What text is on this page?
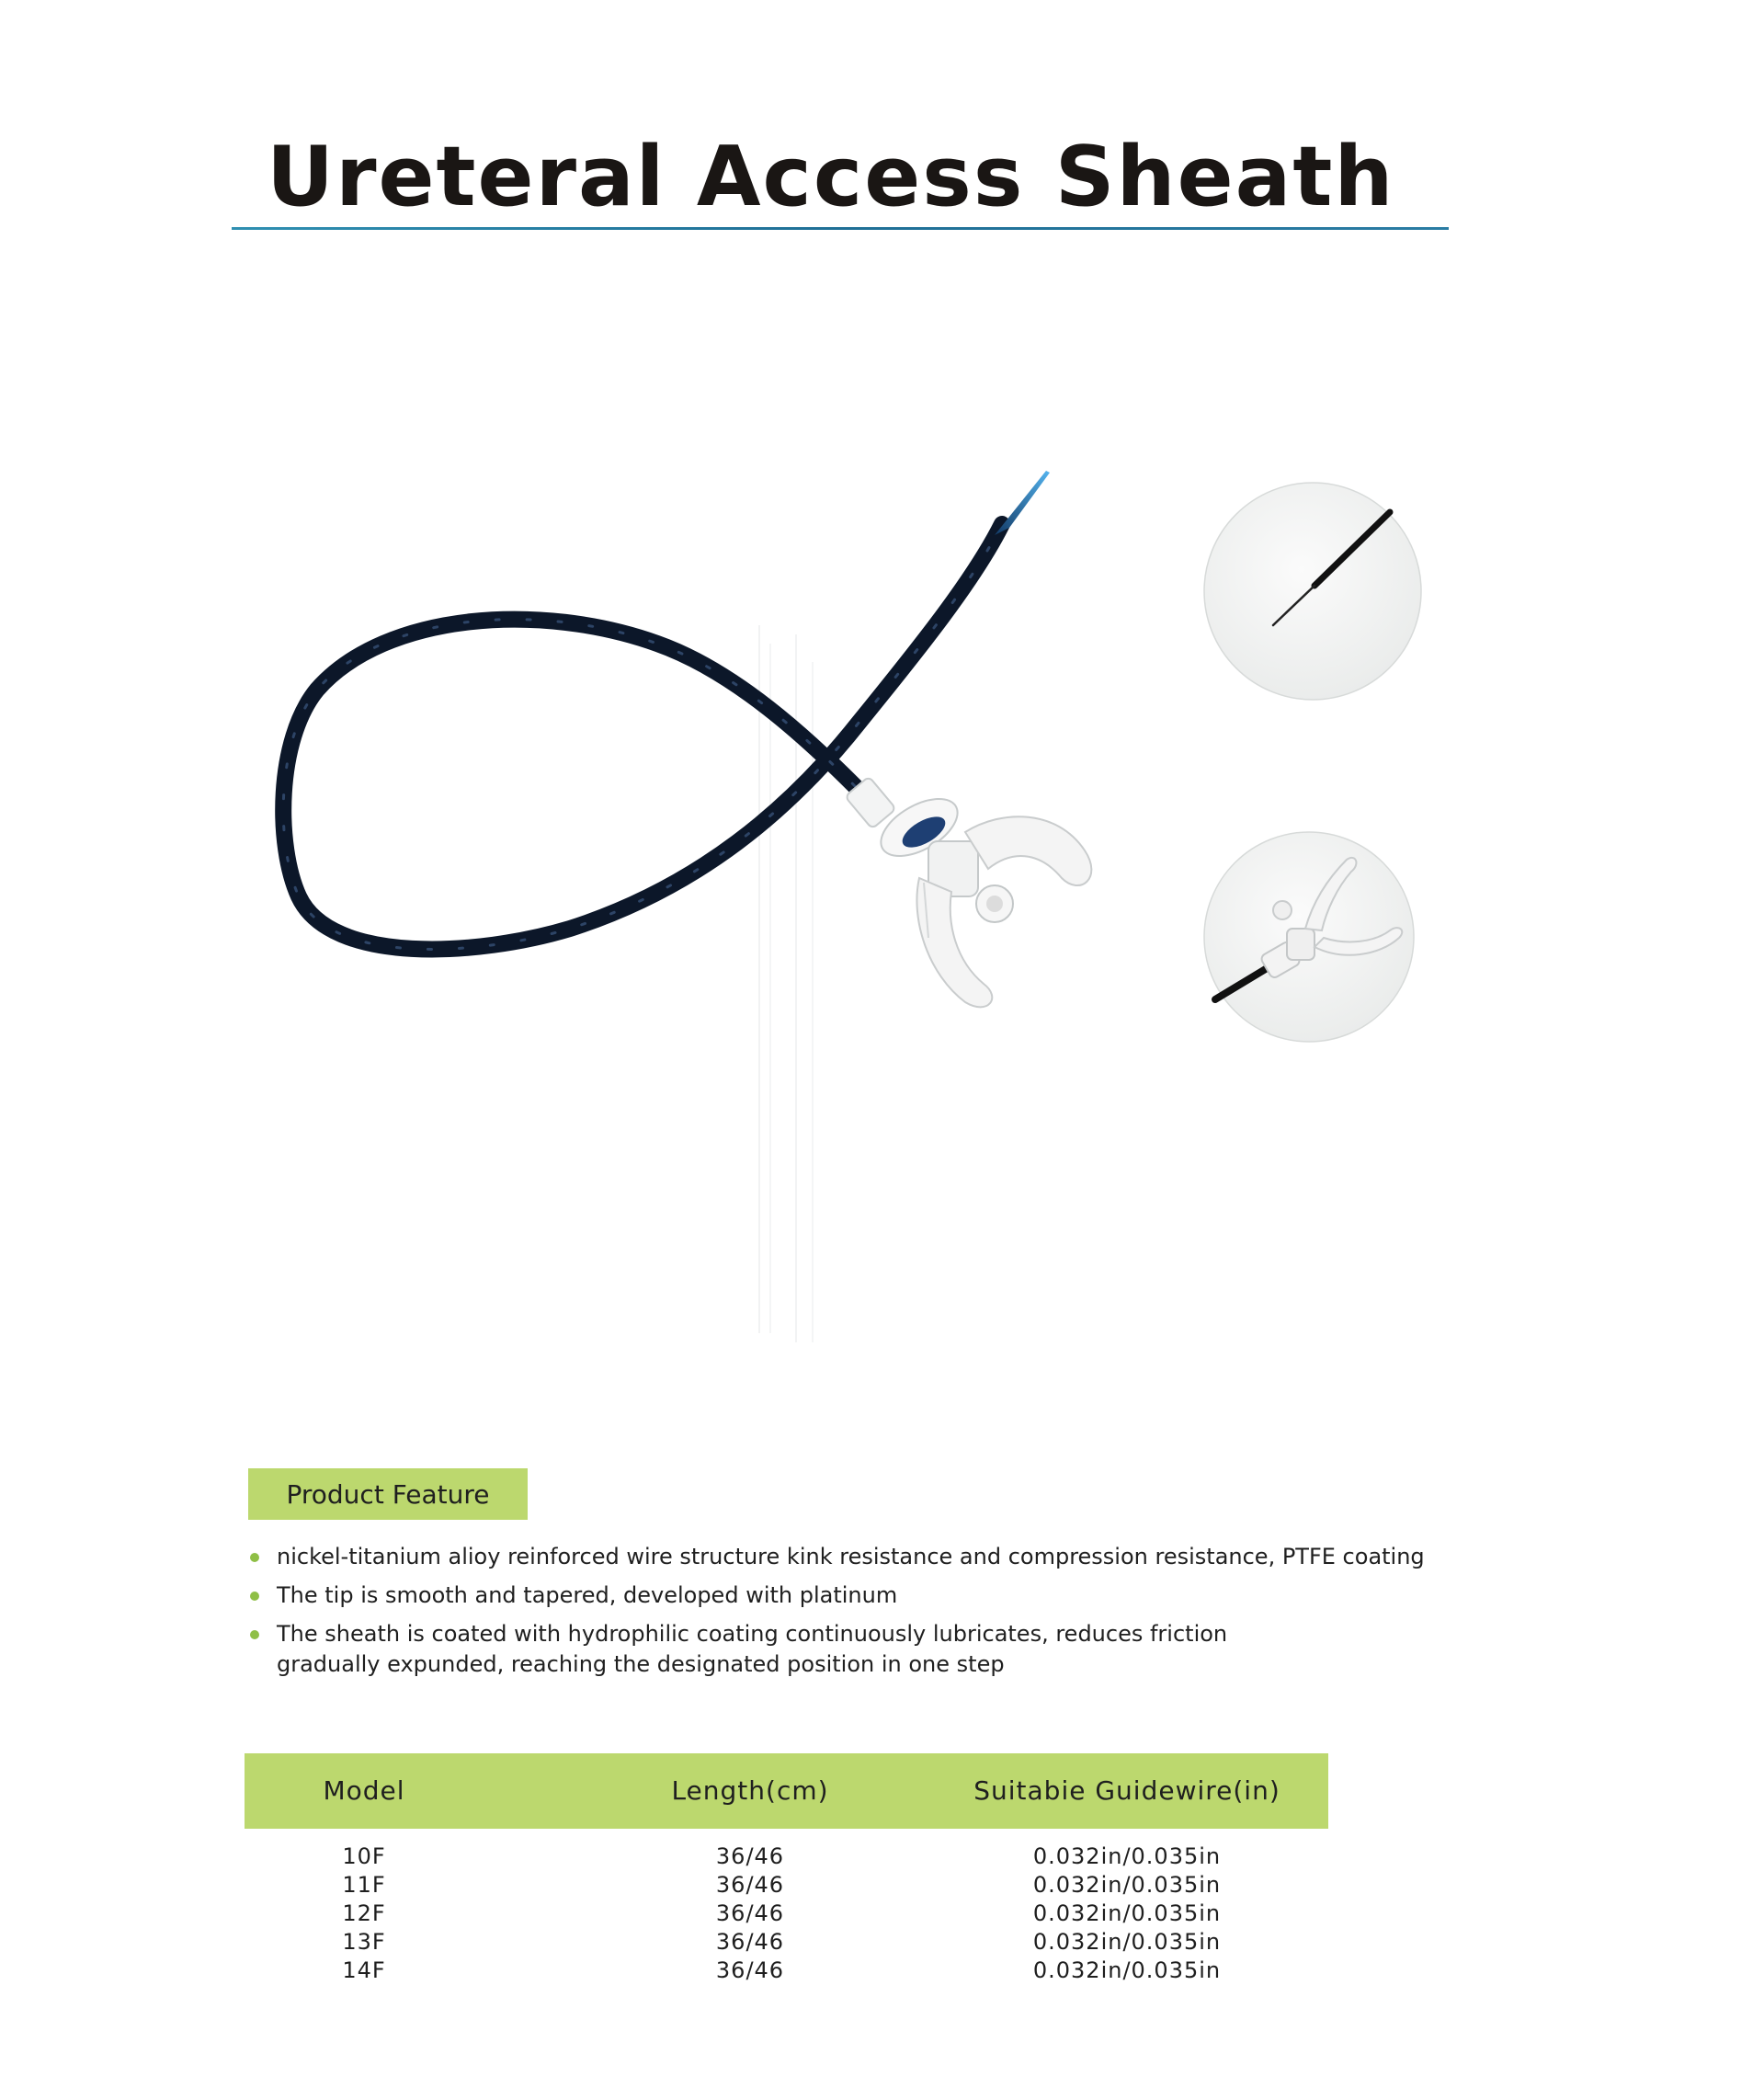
Ureteral Access Sheath
Product Feature
nickel-titanium alioy reinforced wire structure kink resistance and compression resistance, PTFE coating
The tip is smooth and tapered, developed with platinum
The sheath is coated with hydrophilic coating continuously lubricates, reduces friction
gradually expunded, reaching the designated position in one step
Model	Length(cm)	Suitabie Guidewire(in)
10F	36/46	0.032in/0.035in
11F	36/46	0.032in/0.035in
12F	36/46	0.032in/0.035in
13F	36/46	0.032in/0.035in
14F	36/46	0.032in/0.035in
